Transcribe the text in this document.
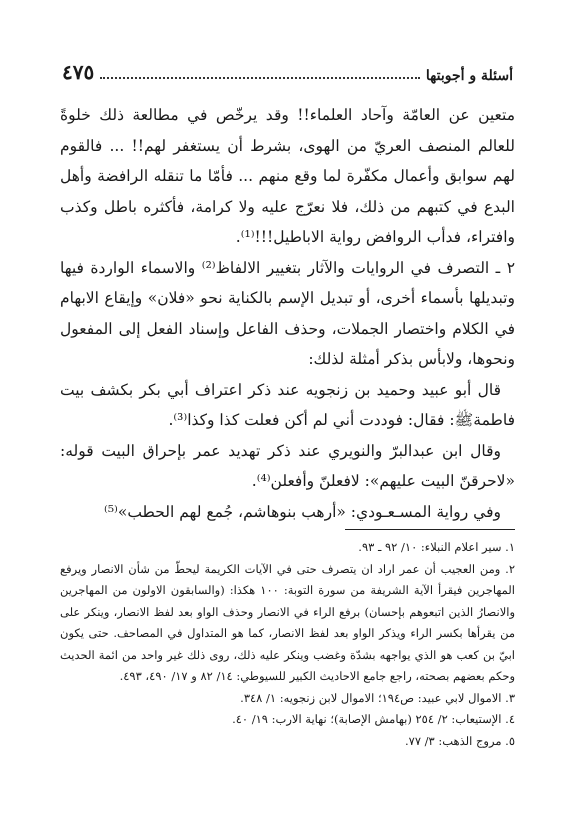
أسئلة و أجوبتها
٤٧٥

متعين عن العامّة وآحاد العلماء!! وقد يرخّص في مطالعة ذلك خلوةً للعالم المنصف العريّ من الهوى، بشرط أن يستغفر لهم!! ... فالقوم لهم سوابق وأعمال مكفّرة لما وقع منهم ... فأمّا ما تنقله الرافضة وأهل البدع في كتبهم من ذلك، فلا نعرّج عليه ولا كرامة، فأكثره باطل وكذب وافتراء، فدأب الروافض رواية الاباطيل!!!⁽¹⁾.

٢ ـ التصرف في الروايات والآثار بتغيير الالفاظ⁽²⁾ والاسماء الواردة فيها وتبديلها بأسماء أخرى، أو تبديل الإسم بالكناية نحو «فلان» وإيقاع الابهام في الكلام واختصار الجملات، وحذف الفاعل وإسناد الفعل إلى المفعول ونحوها، ولابأس بذكر أمثلة لذلك:

قال أبو عبيد وحميد بن زنجويه عند ذكر اعتراف أبي بكر بكشف بيت فاطمةﷺ: فقال: فوددت أني لم أكن فعلت كذا وكذا⁽³⁾.

وقال ابن عبدالبرّ والنويري عند ذكر تهديد عمر بإحراق البيت قوله: «لاحرقنّ البيت عليهم»: لافعلنّ وأفعلن⁽⁴⁾.

وفي رواية المسـعـودي: «أرهب بنوهاشم، جُمع لهم الحطب»⁽⁵⁾

١. سير اعلام النبلاء: ١٠/ ٩٢ ـ ٩٣.

٢. ومن العجيب أن عمر اراد ان يتصرف حتى في الآيات الكريمة ليحطّ من شأن الانصار ويرفع المهاجرين فيقرأ الآية الشريفة من سورة التوبة: ١٠٠ هكذا: (والسابقون الاولون من المهاجرين والانصارُ الذين اتبعوهم بإحسان) برفع الراء في الانصار وحذف الواو بعد لفظ الانصار، وينكر على من يقرأها بكسر الراء ويذكر الواو بعد لفظ الانصار، كما هو المتداول في المصاحف. حتى يكون ابيّ بن كعب هو الذي يواجهه بشدّة وغضب وينكر عليه ذلك، روى ذلك غير واحد من ائمة الحديث وحكم بعضهم بصحته، راجع جامع الاحاديث الكبير للسيوطي: ١٤/ ٨٢ و ١٧/ ٤٩٠، ٤٩٣.

٣. الاموال لابي عبيد: ص١٩٤؛ الاموال لابن زنجويه: ١/ ٣٤٨.

٤. الإستيعاب: ٢/ ٢٥٤ (بهامش الإصابة)؛ نهاية الارب: ١٩/ ٤٠.

٥. مروج الذهب: ٣/ ٧٧.
